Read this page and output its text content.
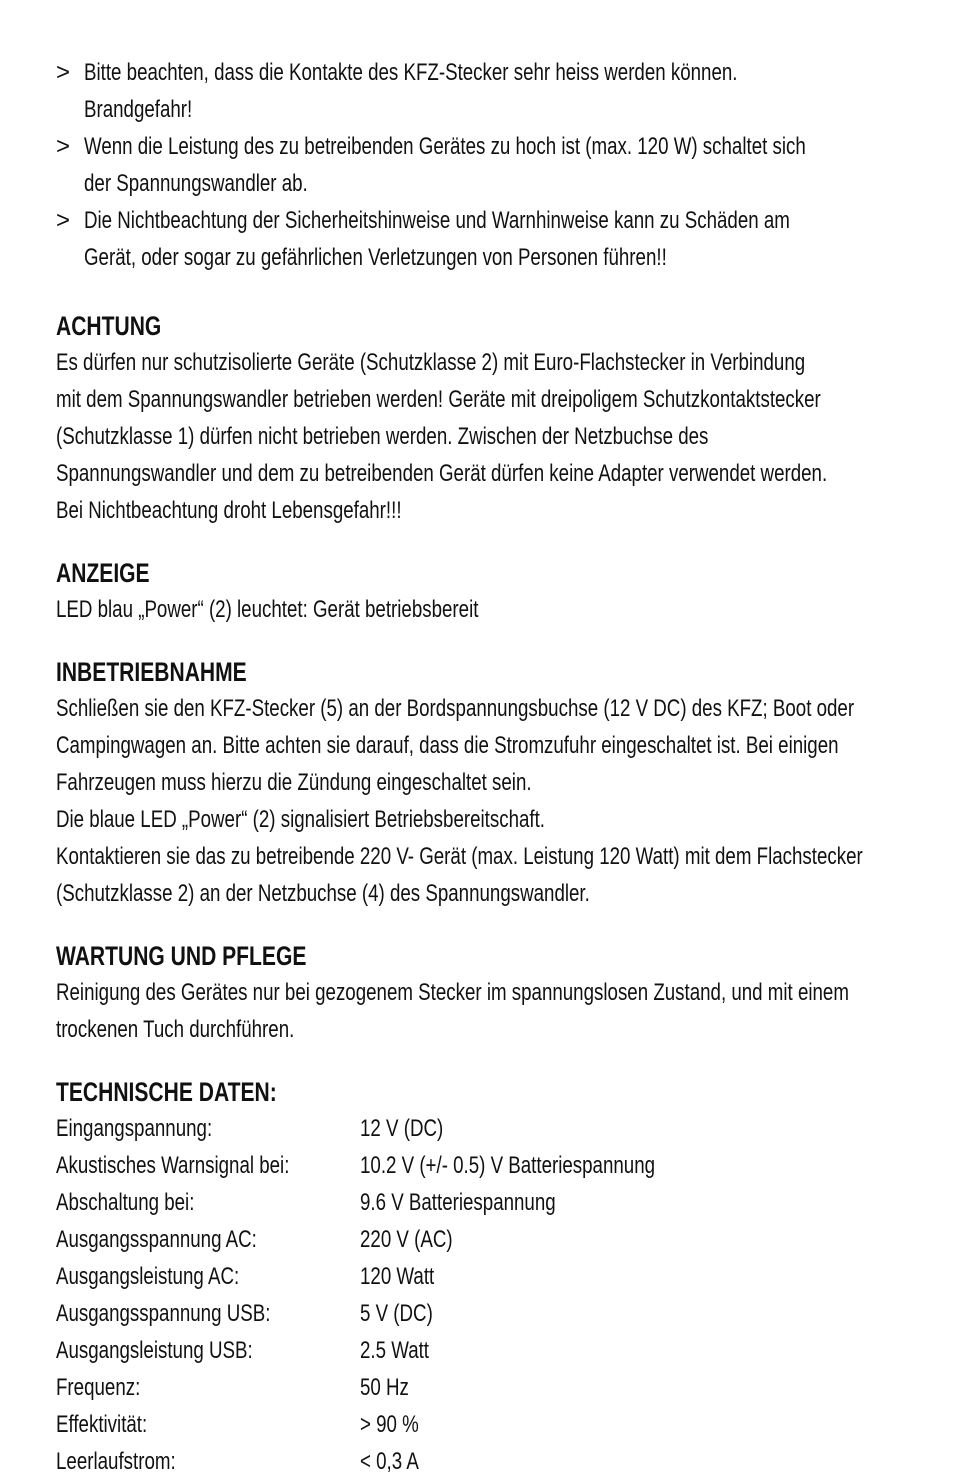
> Bitte beachten, dass die Kontakte des KFZ-Stecker sehr heiss werden können.
Brandgefahr!
> Wenn die Leistung des zu betreibenden Gerätes zu hoch ist (max. 120 W) schaltet sich
der Spannungswandler ab.
> Die Nichtbeachtung der Sicherheitshinweise und Warnhinweise kann zu Schäden am
Gerät, oder sogar zu gefährlichen Verletzungen von Personen führen!!
ACHTUNG
Es dürfen nur schutzisolierte Geräte (Schutzklasse 2) mit Euro-Flachstecker in Verbindung
mit dem Spannungswandler betrieben werden! Geräte mit dreipoligem Schutzkontaktstecker
(Schutzklasse 1) dürfen nicht betrieben werden. Zwischen der Netzbuchse des
Spannungswandler und dem zu betreibenden Gerät dürfen keine Adapter verwendet werden.
Bei Nichtbeachtung droht Lebensgefahr!!!
ANZEIGE
LED blau „Power“ (2) leuchtet: Gerät betriebsbereit
INBETRIEBNAHME
Schließen sie den KFZ-Stecker (5) an der Bordspannungsbuchse (12 V DC) des KFZ; Boot oder
Campingwagen an. Bitte achten sie darauf, dass die Stromzufuhr eingeschaltet ist. Bei einigen
Fahrzeugen muss hierzu die Zündung eingeschaltet sein.
Die blaue LED „Power“ (2) signalisiert Betriebsbereitschaft.
Kontaktieren sie das zu betreibende 220 V- Gerät (max. Leistung 120 Watt) mit dem Flachstecker
(Schutzklasse 2) an der Netzbuchse (4) des Spannungswandler.
WARTUNG UND PFLEGE
Reinigung des Gerätes nur bei gezogenem Stecker im spannungslosen Zustand, und mit einem
trockenen Tuch durchführen.
TECHNISCHE DATEN:
Eingangspannung:	12 V (DC)
Akustisches Warnsignal bei:	10.2 V (+/- 0.5) V Batteriespannung
Abschaltung bei:	9.6 V Batteriespannung
Ausgangsspannung AC:	220 V (AC)
Ausgangsleistung AC:	120 Watt
Ausgangsspannung USB:	5 V (DC)
Ausgangsleistung USB:	2.5 Watt
Frequenz:	50 Hz
Effektivität:	> 90 %
Leerlaufstrom:	< 0,3 A
